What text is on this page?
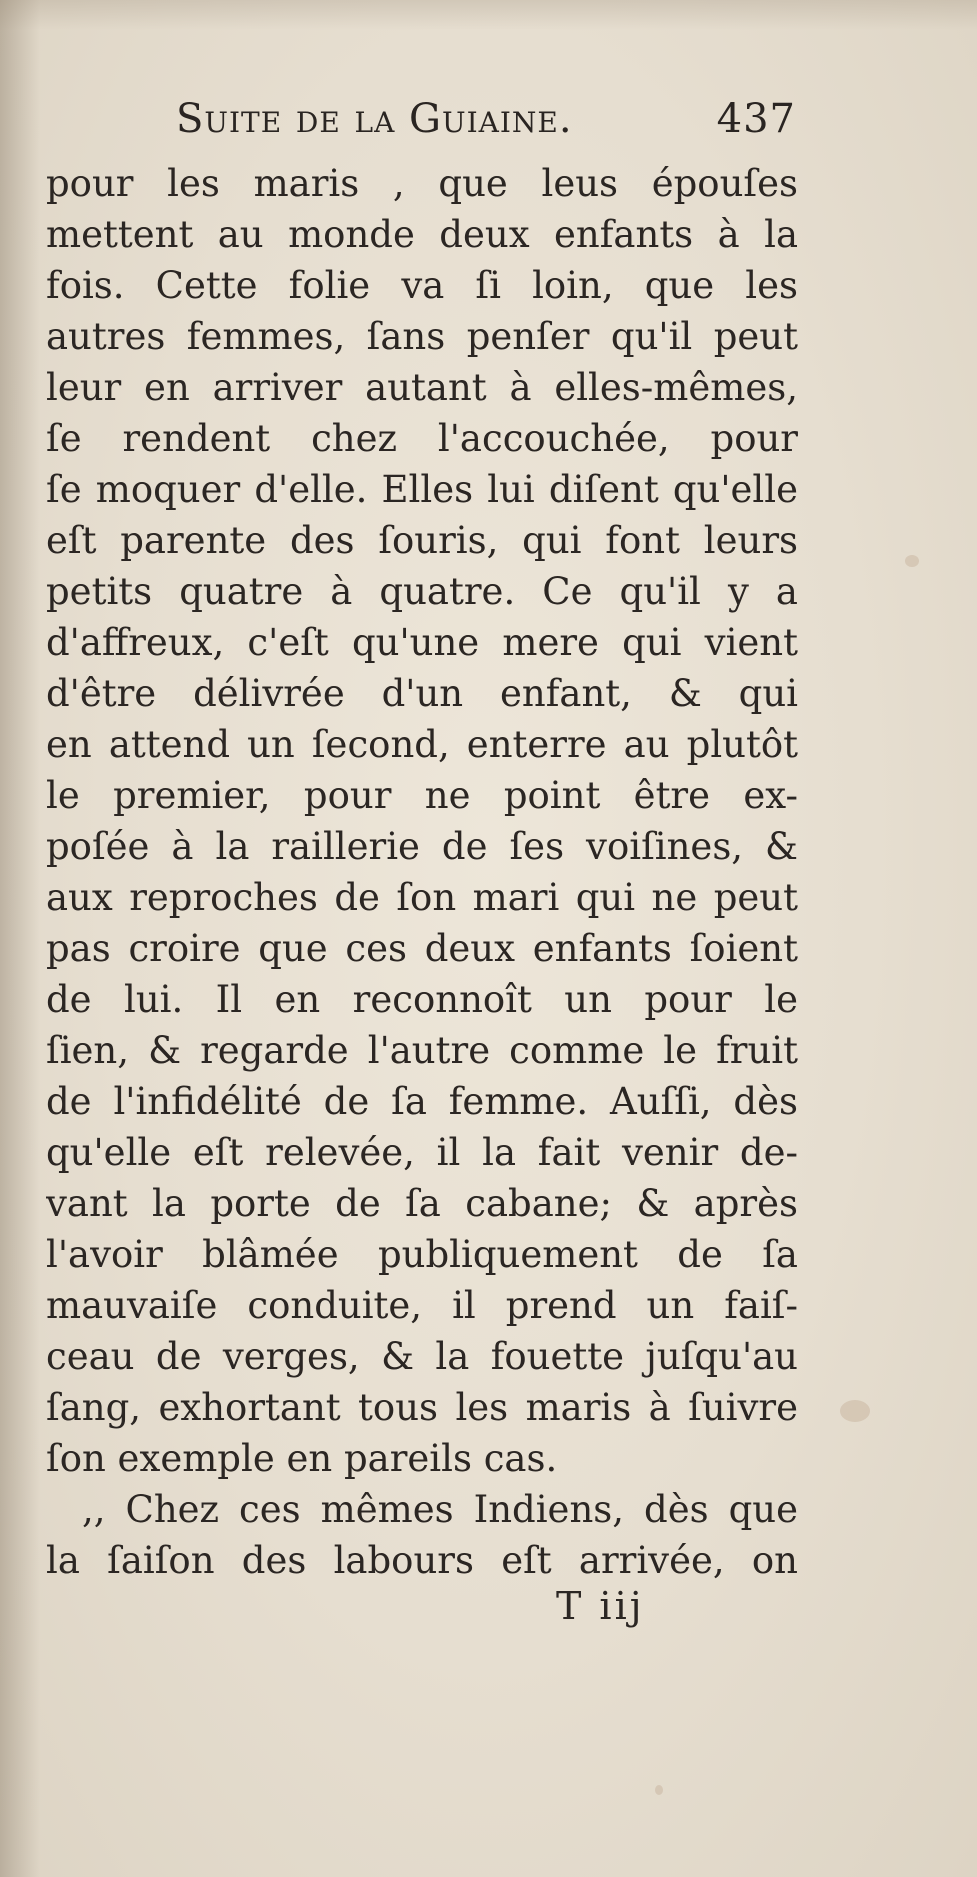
Suite de la Guiaine.	437
pour les maris , que leus épouſes
mettent au monde deux enfants à la
fois. Cette folie va ſi loin, que les
autres femmes, ſans penſer qu'il peut
leur en arriver autant à elles-mêmes,
ſe rendent chez l'accouchée, pour
ſe moquer d'elle. Elles lui diſent qu'elle
eſt parente des ſouris, qui font leurs
petits quatre à quatre. Ce qu'il y a
d'affreux, c'eſt qu'une mere qui vient
d'être délivrée d'un enfant, & qui
en attend un ſecond, enterre au plutôt
le premier, pour ne point être ex-
poſée à la raillerie de ſes voiſines, &
aux reproches de ſon mari qui ne peut
pas croire que ces deux enfants ſoient
de lui. Il en reconnoît un pour le
ſien, & regarde l'autre comme le fruit
de l'infidélité de ſa femme. Auſſi, dès
qu'elle eſt relevée, il la fait venir de-
vant la porte de ſa cabane; & après
l'avoir blâmée publiquement de ſa
mauvaiſe conduite, il prend un faiſ-
ceau de verges, & la fouette juſqu'au
ſang, exhortant tous les maris à ſuivre
ſon exemple en pareils cas.
,, Chez ces mêmes Indiens, dès que
la ſaiſon des labours eſt arrivée, on
T iij
